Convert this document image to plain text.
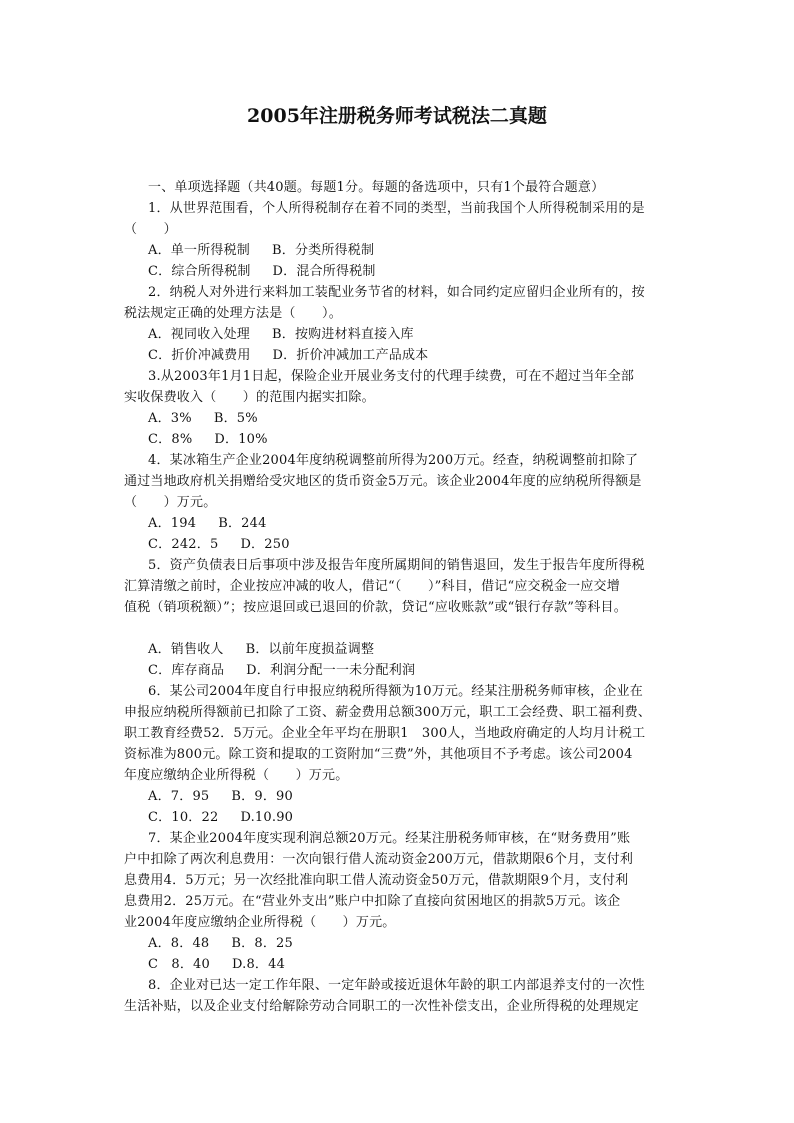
2005年注册税务师考试税法二真题
一、单项选择题（共40题。每题1分。每题的备选项中，只有1个最符合题意）
1．从世界范围看，个人所得税制存在着不同的类型，当前我国个人所得税制采用的是
（　　）
A．单一所得税制 B．分类所得税制
C．综合所得税制 D．混合所得税制
2．纳税人对外进行来料加工装配业务节省的材料，如合同约定应留归企业所有的，按
税法规定正确的处理方法是（　　）。
A．视同收入处理 B．按购进材料直接入库
C．折价冲减费用 D．折价冲减加工产品成本
3.从2003年1月1日起，保险企业开展业务支付的代理手续费，可在不超过当年全部
实收保费收入（　　）的范围内据实扣除。
A．3% B．5%
C．8% D．10%
4．某冰箱生产企业2004年度纳税调整前所得为200万元。经查，纳税调整前扣除了
通过当地政府机关捐赠给受灾地区的货币资金5万元。该企业2004年度的应纳税所得额是
（　　）万元。
A．194 B．244
C．242．5 D．250
5．资产负债表日后事项中涉及报告年度所属期间的销售退回，发生于报告年度所得税
汇算清缴之前时，企业按应冲减的收人，借记“（　　）”科目，借记“应交税金一应交增
值税（销项税额）”；按应退回或已退回的价款，贷记“应收账款”或“银行存款”等科目。
A．销售收人 B．以前年度损益调整
C．库存商品 D．利润分配一一未分配利润
6．某公司2004年度自行申报应纳税所得额为10万元。经某注册税务师审核，企业在
申报应纳税所得额前已扣除了工资、薪金费用总额300万元，职工工会经费、职工福利费、
职工教育经费52．5万元。企业全年平均在册职1　300人，当地政府确定的人均月计税工
资标准为800元。除工资和提取的工资附加“三费”外，其他项目不予考虑。该公司2004
年度应缴纳企业所得税（　　）万元。
A．7．95 B．9．90
C．10．22 D.10.90
7．某企业2004年度实现利润总额20万元。经某注册税务师审核，在“财务费用”账
户中扣除了两次利息费用：一次向银行借人流动资金200万元，借款期限6个月，支付利
息费用4．5万元；另一次经批准向职工借人流动资金50万元，借款期限9个月，支付利
息费用2．25万元。在“营业外支出”账户中扣除了直接向贫困地区的捐款5万元。该企
业2004年度应缴纳企业所得税（　　）万元。
A．8．48 B．8．25
C　8．40 D.8．44
8．企业对已达一定工作年限、一定年龄或接近退休年龄的职工内部退养支付的一次性
生活补贴，以及企业支付给解除劳动合同职工的一次性补偿支出，企业所得税的处理规定
